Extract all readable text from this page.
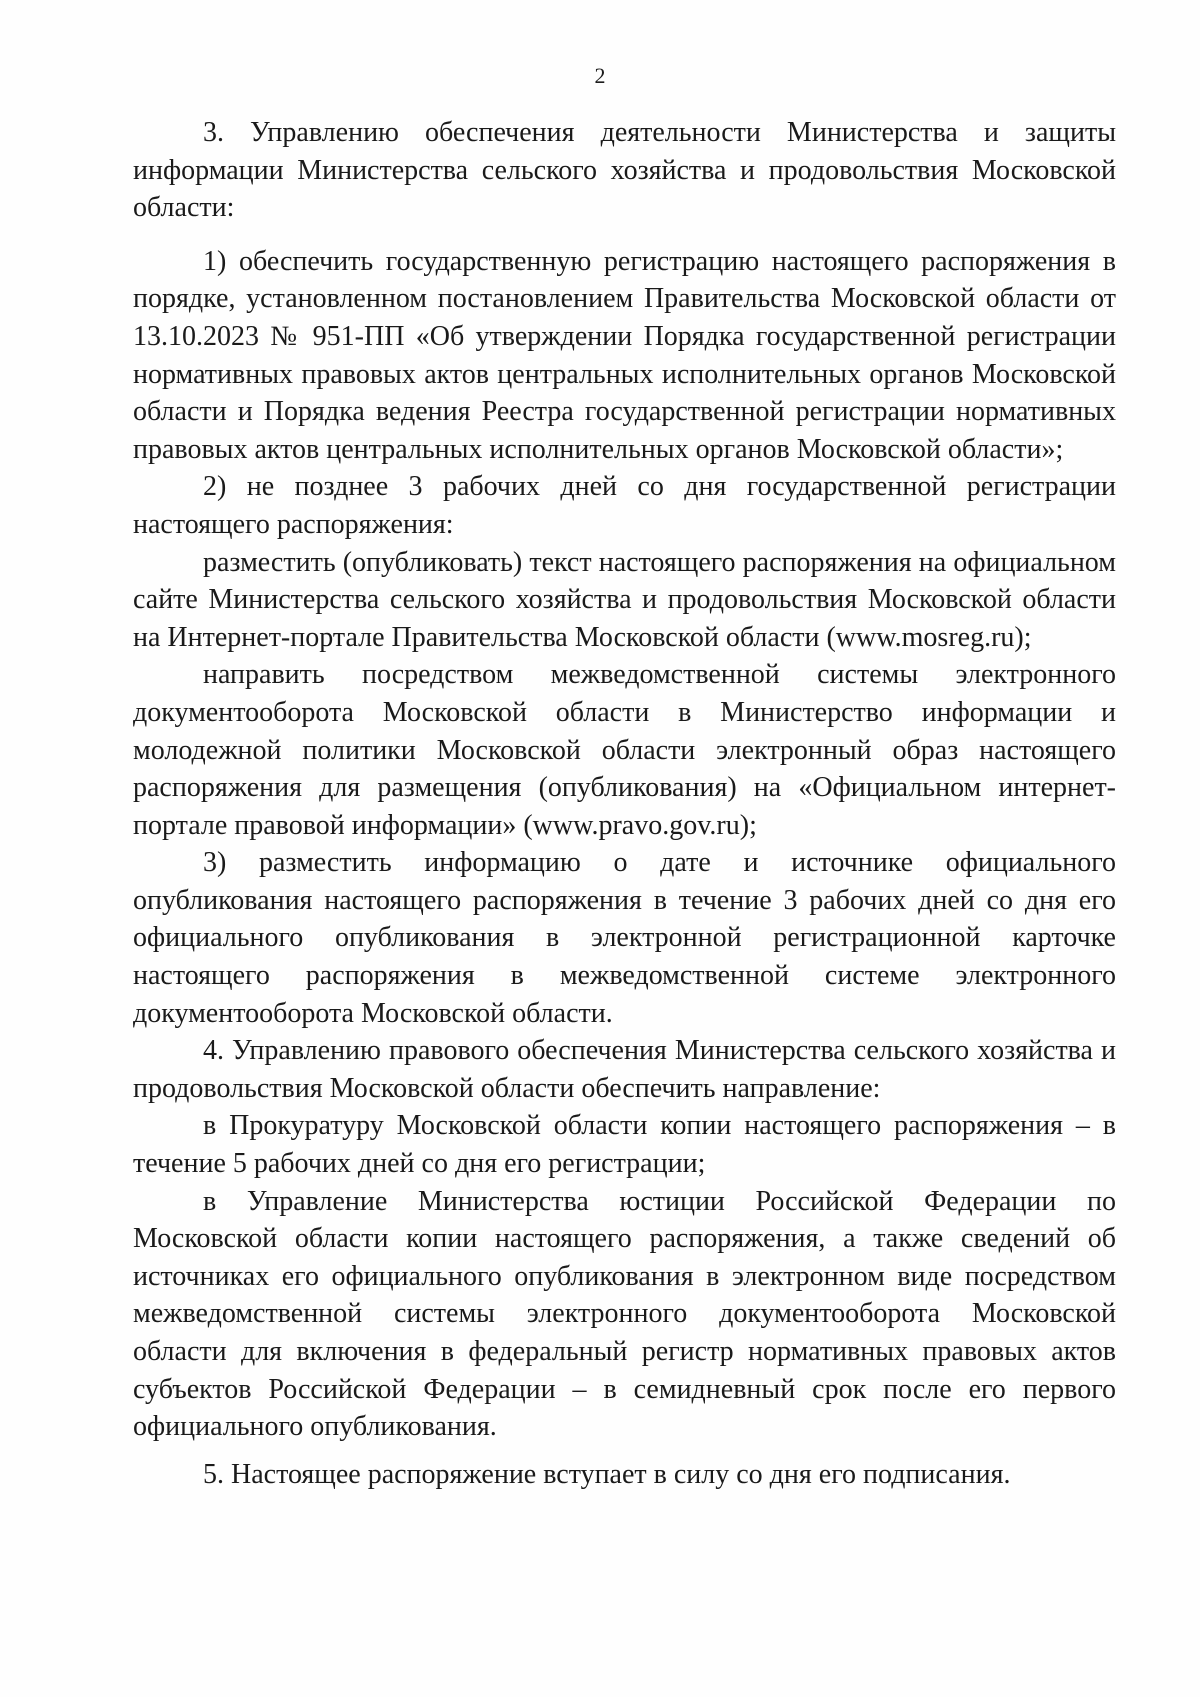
2

3. Управлению обеспечения деятельности Министерства и защиты информации Министерства сельского хозяйства и продовольствия Московской области:

1) обеспечить государственную регистрацию настоящего распоряжения в порядке, установленном постановлением Правительства Московской области от 13.10.2023 № 951-ПП «Об утверждении Порядка государственной регистрации нормативных правовых актов центральных исполнительных органов Московской области и Порядка ведения Реестра государственной регистрации нормативных правовых актов центральных исполнительных органов Московской области»;

2) не позднее 3 рабочих дней со дня государственной регистрации настоящего распоряжения:

разместить (опубликовать) текст настоящего распоряжения на официальном сайте Министерства сельского хозяйства и продовольствия Московской области на Интернет-портале Правительства Московской области (www.mosreg.ru);

направить посредством межведомственной системы электронного документооборота Московской области в Министерство информации и молодежной политики Московской области электронный образ настоящего распоряжения для размещения (опубликования) на «Официальном интернет-портале правовой информации» (www.pravo.gov.ru);

3) разместить информацию о дате и источнике официального опубликования настоящего распоряжения в течение 3 рабочих дней со дня его официального опубликования в электронной регистрационной карточке настоящего распоряжения в межведомственной системе электронного документооборота Московской области.

4. Управлению правового обеспечения Министерства сельского хозяйства и продовольствия Московской области обеспечить направление:

в Прокуратуру Московской области копии настоящего распоряжения – в течение 5 рабочих дней со дня его регистрации;

в Управление Министерства юстиции Российской Федерации по Московской области копии настоящего распоряжения, а также сведений об источниках его официального опубликования в электронном виде посредством межведомственной системы электронного документооборота Московской области для включения в федеральный регистр нормативных правовых актов субъектов Российской Федерации – в семидневный срок после его первого официального опубликования.

5. Настоящее распоряжение вступает в силу со дня его подписания.
